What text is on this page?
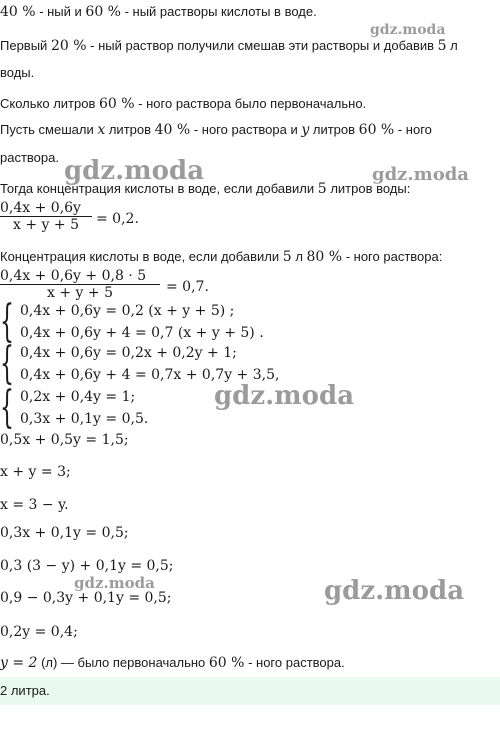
40 % - ный и 60 % - ный растворы кислоты в воде.
Первый 20 % - ный раствор получили смешав эти растворы и добавив 5 л
воды.
Сколько литров 60 % - ного раствора было первоначально.
Пусть смешали x литров 40 % - ного раствора и y литров 60 % - ного
раствора.
Тогда концентрация кислоты в воде, если добавили 5 литров воды:
0,4x + 0,6y
x + y + 5	= 0,2.
Концентрация кислоты в воде, если добавили 5 л 80 % - ного раствора:
0,4x + 0,6y + 0,8 · 5
x + y + 5	= 0,7.
{ 0,4x + 0,6y = 0,2 (x + y + 5) ;
0,4x + 0,6y + 4 = 0,7 (x + y + 5) .
{ 0,4x + 0,6y = 0,2x + 0,2y + 1;
0,4x + 0,6y + 4 = 0,7x + 0,7y + 3,5,
{ 0,2x + 0,4y = 1;
0,3x + 0,1y = 0,5.
0,5x + 0,5y = 1,5;
x + y = 3;
x = 3 − y.
0,3x + 0,1y = 0,5;
0,3 (3 − y) + 0,1y = 0,5;
0,9 − 0,3y + 0,1y = 0,5;
0,2y = 0,4;
y = 2 (л) — было первоначально 60 % - ного раствора.
2 литра.
gdz.moda
gdz.moda	gdz.moda
gdz.moda
gdz.moda	gdz.moda
